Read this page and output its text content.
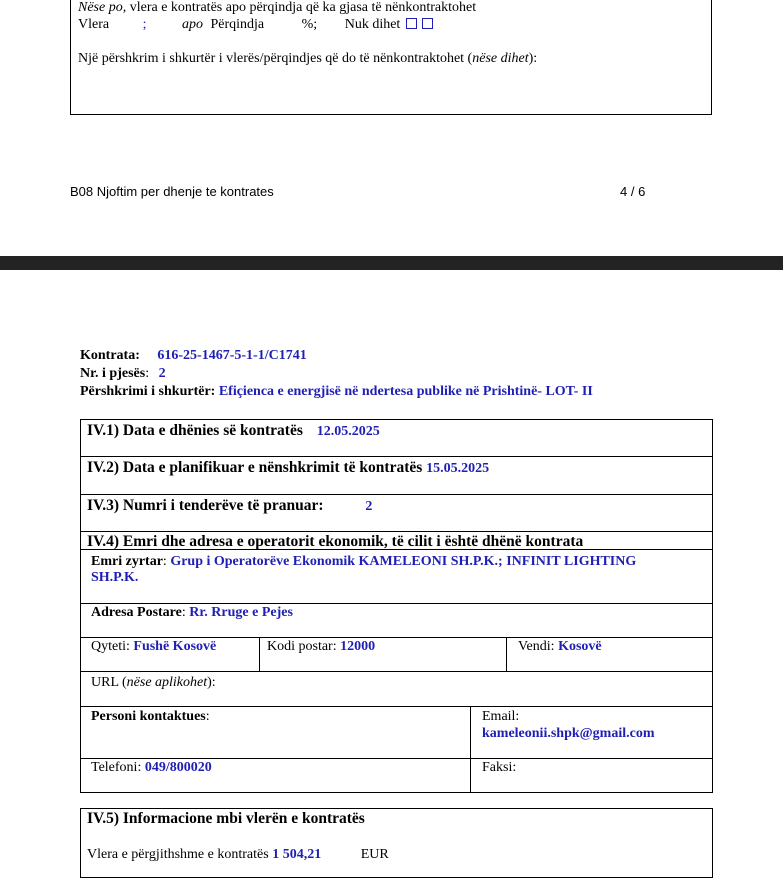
Nëse po, vlera e kontratës apo përqindja që ka gjasa të nënkontraktohet
Vlera ;	apo Përqindja	%; Nuk dihet
Një përshkrim i shkurtër i vlerës/përqindjes që do të nënkontraktohet (nëse dihet):
B08 Njoftim per dhenje te kontrates	4 / 6
Kontrata: 616-25-1467-5-1-1/C1741
Nr. i pjesës: 2
Përshkrimi i shkurtër: Efiçienca e energjisë në ndertesa publike në Prishtinë- LOT- II
IV.1) Data e dhënies së kontratës 12.05.2025
IV.2) Data e planifikuar e nënshkrimit të kontratës 15.05.2025
IV.3) Numri i tenderëve të pranuar:	2
IV.4) Emri dhe adresa e operatorit ekonomik, të cilit i është dhënë kontrata
Emri zyrtar: Grup i Operatorëve Ekonomik KAMELEONI SH.P.K.; INFINIT LIGHTING
SH.P.K.
Adresa Postare: Rr. Rruge e Pejes
Qyteti: Fushë Kosovë	Kodi postar: 12000	Vendi: Kosovë
URL (nëse aplikohet):
Personi kontaktues:	Email:
kameleonii.shpk@gmail.com
Telefoni: 049/800020	Faksi:
IV.5) Informacione mbi vlerën e kontratës
Vlera e përgjithshme e kontratës 1 504,21	EUR
